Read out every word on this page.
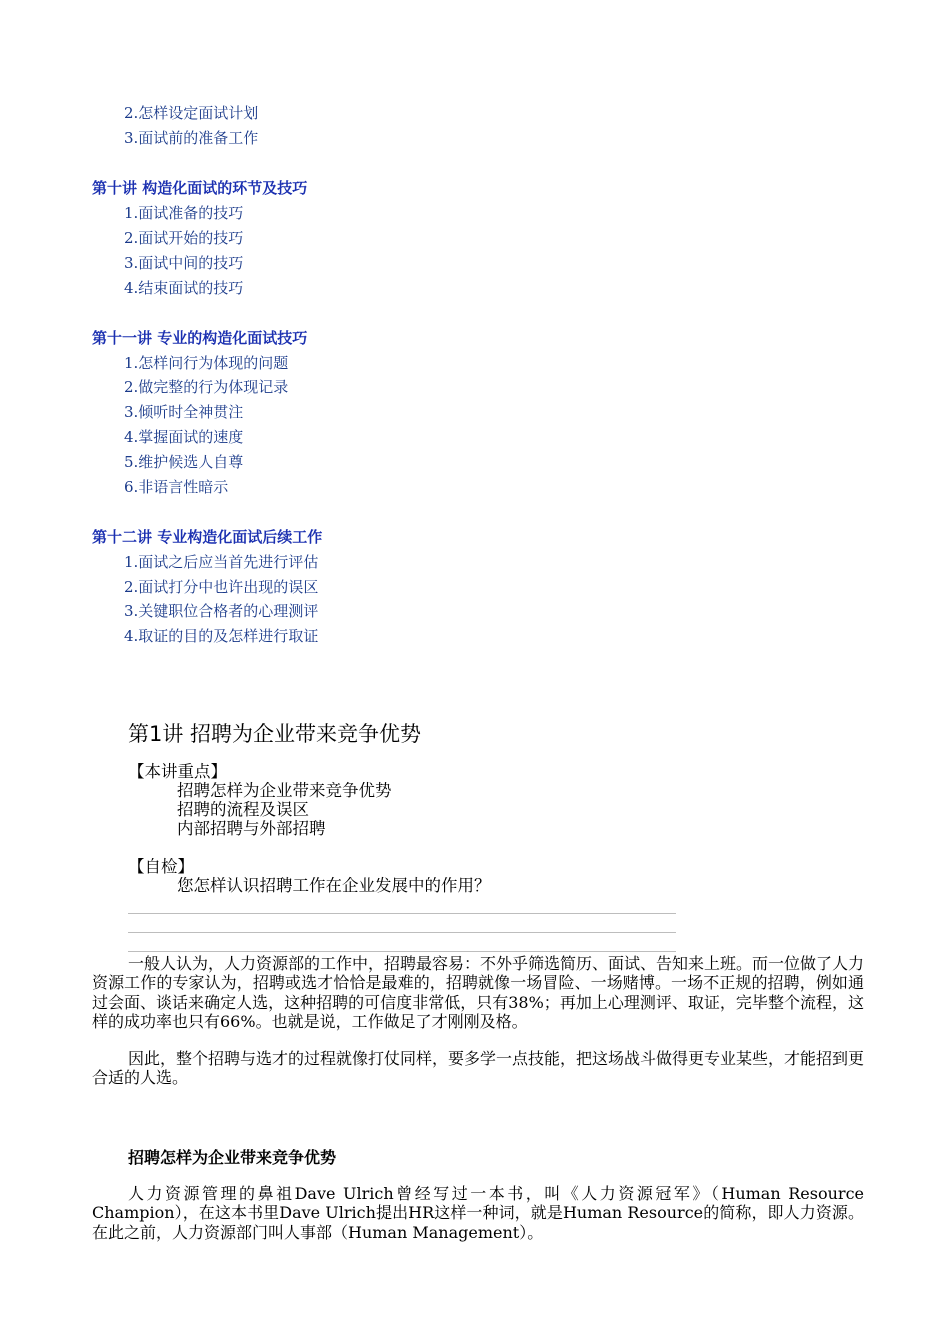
2.怎样设定面试计划
3.面试前的准备工作
第十讲 构造化面试的环节及技巧
1.面试准备的技巧
2.面试开始的技巧
3.面试中间的技巧
4.结束面试的技巧
第十一讲 专业的构造化面试技巧
1.怎样问行为体现的问题
2.做完整的行为体现记录
3.倾听时全神贯注
4.掌握面试的速度
5.维护候选人自尊
6.非语言性暗示
第十二讲 专业构造化面试后续工作
1.面试之后应当首先进行评估
2.面试打分中也许出现的误区
3.关键职位合格者的心理测评
4.取证的目的及怎样进行取证
第1讲 招聘为企业带来竞争优势
【本讲重点】
招聘怎样为企业带来竞争优势
招聘的流程及误区
内部招聘与外部招聘
【自检】
您怎样认识招聘工作在企业发展中的作用？
一般人认为，人力资源部的工作中，招聘最容易：不外乎筛选简历、面试、告知来上班。而一位做了人力资源工作的专家认为，招聘或选才恰恰是最难的，招聘就像一场冒险、一场赌博。一场不正规的招聘，例如通过会面、谈话来确定人选，这种招聘的可信度非常低，只有38%；再加上心理测评、取证，完毕整个流程，这样的成功率也只有66%。也就是说，工作做足了才刚刚及格。
因此，整个招聘与选才的过程就像打仗同样，要多学一点技能，把这场战斗做得更专业某些，才能招到更合适的人选。
招聘怎样为企业带来竞争优势
人力资源管理的鼻祖Dave Ulrich曾经写过一本书，叫《人力资源冠军》（Human Resource Champion），在这本书里Dave Ulrich提出HR这样一种词，就是Human Resource的简称，即人力资源。在此之前，人力资源部门叫人事部（Human Management）。
